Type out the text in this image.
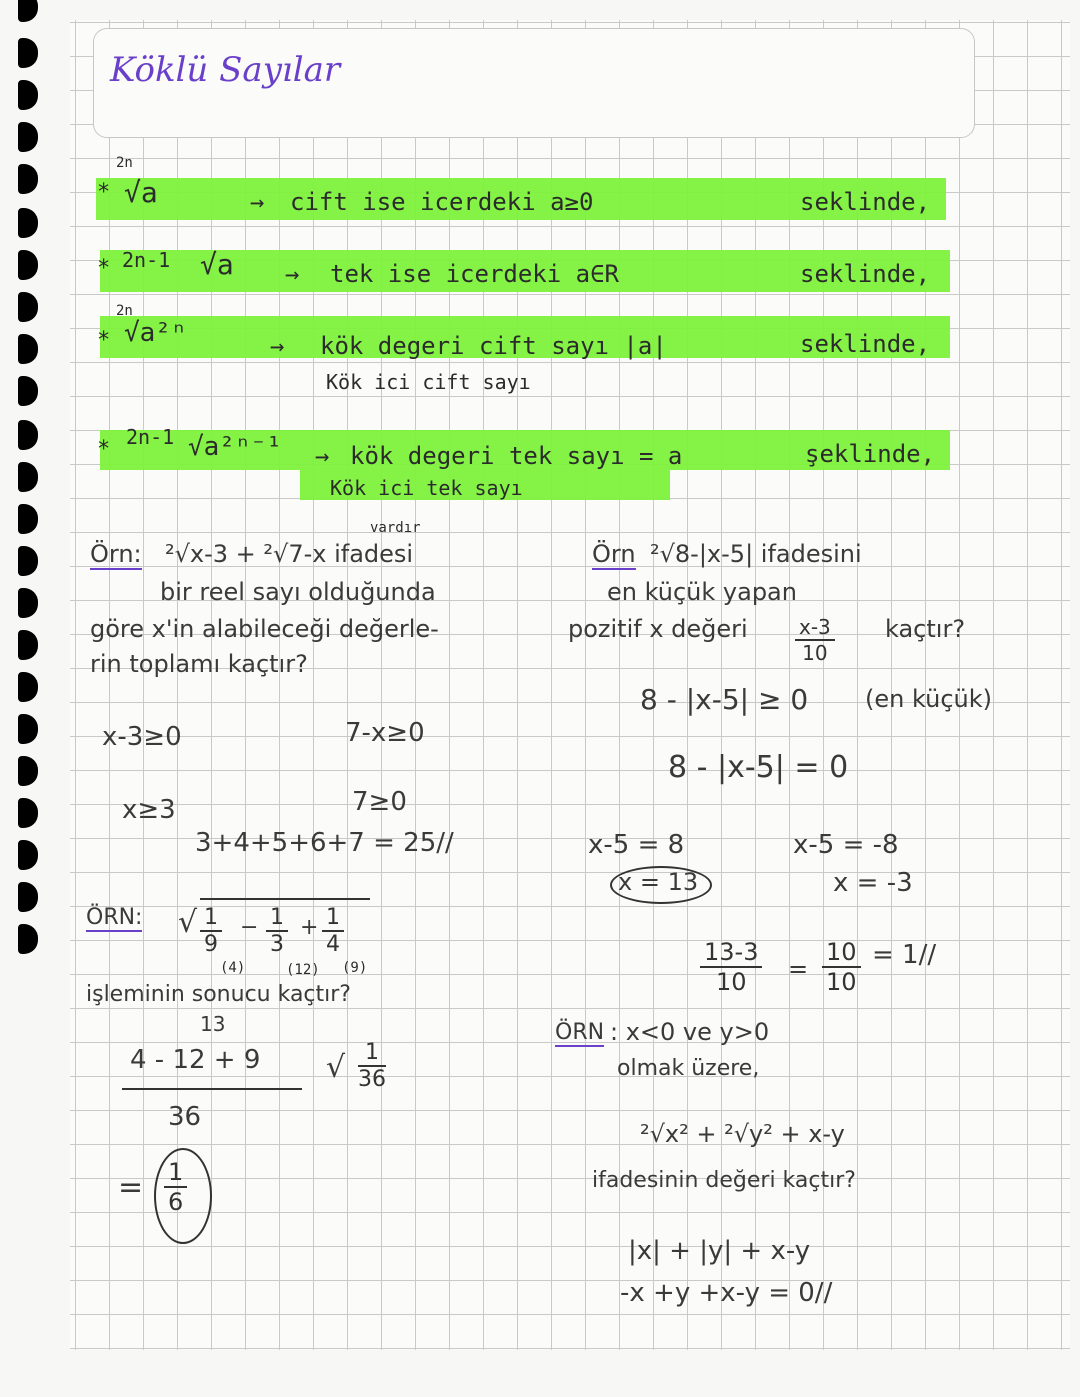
Köklü Sayılar
2n
* √a	→ cift ise icerdeki a≥0	seklinde,
* 2n-1 √a → tek ise icerdeki a∈R	seklinde,
2n
* √a²ⁿ	→ kök degeri cift sayı |a|
Kök ici cift sayı
seklinde,
* 2n-1 √a²ⁿ⁻¹ → kök degeri tek sayı = a
Kök ici tek sayı
şeklinde,
Örn:
vardır
²√x-3 + ²√7-x ifadesi
bir reel sayı olduğunda
göre x'in alabileceği değerle-
rin toplamı kaçtır?
x-3≥0	7-x≥0
x≥3	7≥0
3+4+5+6+7 = 25//
Örn ²√8-|x-5| ifadesini
en küçük yapan
pozitif x değeri $\frac{x-3}{10}$ kaçtır?
8 - |x-5| ≥ 0 (en küçük)
8 - |x-5| = 0
x-5 = 8	x-5 = -8
x = 13	x = -3
$\frac{13-3}{10} = \frac{10}{10} = 1//$
ÖRN: √ $\frac{1}{9} - \frac{1}{3} + \frac{1}{4}$
(4)	(12) (9)
işleminin sonucu kaçtır?
13
4 - 12 + 9
36
√ $\frac{1}{36}$
= $\frac{1}{6}$
ÖRN : x<0 ve y>0
olmak üzere,
²√x² + ²√y² + x-y
ifadesinin değeri kaçtır?
|x| + |y| + x-y
-x +y +x-y = 0//
